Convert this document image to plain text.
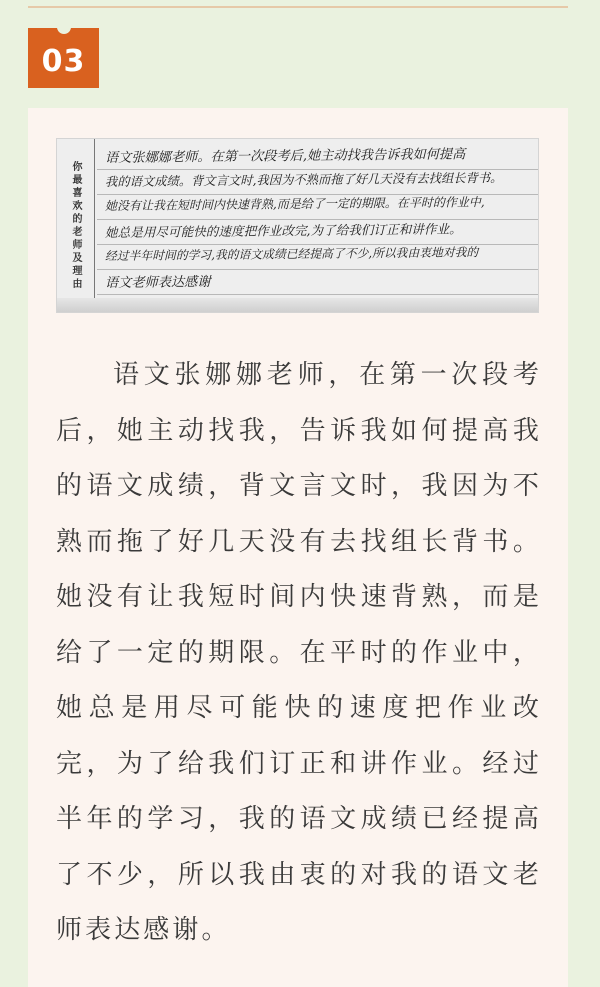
03
你最喜欢的老师及理由
语文张娜娜老师。在第一次段考后,她主动找我告诉我如何提高
我的语文成绩。背文言文时,我因为不熟而拖了好几天没有去找组长背书。
她没有让我在短时间内快速背熟,而是给了一定的期限。在平时的作业中,
她总是用尽可能快的速度把作业改完,为了给我们订正和讲作业。
经过半年时间的学习,我的语文成绩已经提高了不少,所以我由衷地对我的
语文老师表达感谢

语文张娜娜老师，在第一次段考后，她主动找我，告诉我如何提高我的语文成绩，背文言文时，我因为不熟而拖了好几天没有去找组长背书。她没有让我短时间内快速背熟，而是给了一定的期限。在平时的作业中，她总是用尽可能快的速度把作业改完，为了给我们订正和讲作业。经过半年的学习，我的语文成绩已经提高了不少，所以我由衷的对我的语文老师表达感谢。
